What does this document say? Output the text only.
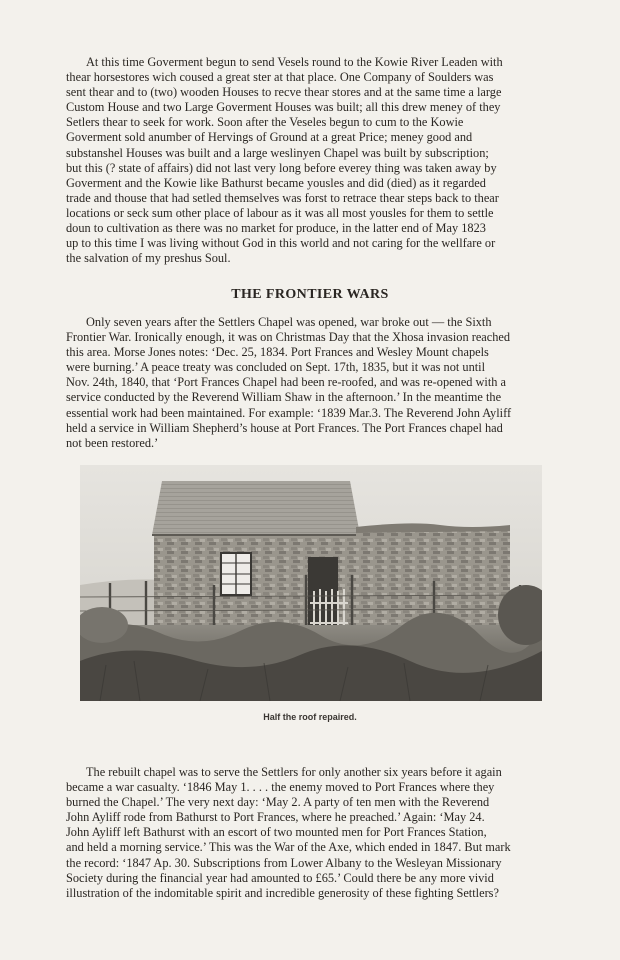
At this time Goverment begun to send Vesels round to the Kowie River Leaden with
thear horsestores wich coused a great ster at that place. One Company of Soulders was
sent thear and to (two) wooden Houses to recve thear stores and at the same time a large
Custom House and two Large Goverment Houses was built; all this drew meney of they
Setlers thear to seek for work. Soon after the Veseles begun to cum to the Kowie
Goverment sold anumber of Hervings of Ground at a great Price; meney good and
substanshel Houses was built and a large weslinyen Chapel was built by subscription;
but this (? state of affairs) did not last very long before everey thing was taken away by
Goverment and the Kowie like Bathurst became yousles and did (died) as it regarded
trade and thouse that had setled themselves was forst to retrace thear steps back to thear
locations or seck sum other place of labour as it was all most yousles for them to settle
doun to cultivation as there was no market for produce, in the latter end of May 1823
up to this time I was living without God in this world and not caring for the wellfare or
the salvation of my preshus Soul.
THE FRONTIER WARS
Only seven years after the Settlers Chapel was opened, war broke out — the Sixth
Frontier War. Ironically enough, it was on Christmas Day that the Xhosa invasion reached
this area. Morse Jones notes: ‘Dec. 25, 1834. Port Frances and Wesley Mount chapels
were burning.’ A peace treaty was concluded on Sept. 17th, 1835, but it was not until
Nov. 24th, 1840, that ‘Port Frances Chapel had been re-roofed, and was re-opened with a
service conducted by the Reverend William Shaw in the afternoon.’ In the meantime the
essential work had been maintained. For example: ‘1839 Mar.3. The Reverend John Ayliff
held a service in William Shepherd’s house at Port Frances. The Port Frances chapel had
not been restored.’
Half the roof repaired.
The rebuilt chapel was to serve the Settlers for only another six years before it again
became a war casualty. ‘1846 May 1. . . . the enemy moved to Port Frances where they
burned the Chapel.’ The very next day: ‘May 2. A party of ten men with the Reverend
John Ayliff rode from Bathurst to Port Frances, where he preached.’ Again: ‘May 24.
John Ayliff left Bathurst with an escort of two mounted men for Port Frances Station,
and held a morning service.’ This was the War of the Axe, which ended in 1847. But mark
the record: ‘1847 Ap. 30. Subscriptions from Lower Albany to the Wesleyan Missionary
Society during the financial year had amounted to £65.’ Could there be any more vivid
illustration of the indomitable spirit and incredible generosity of these fighting Settlers?
